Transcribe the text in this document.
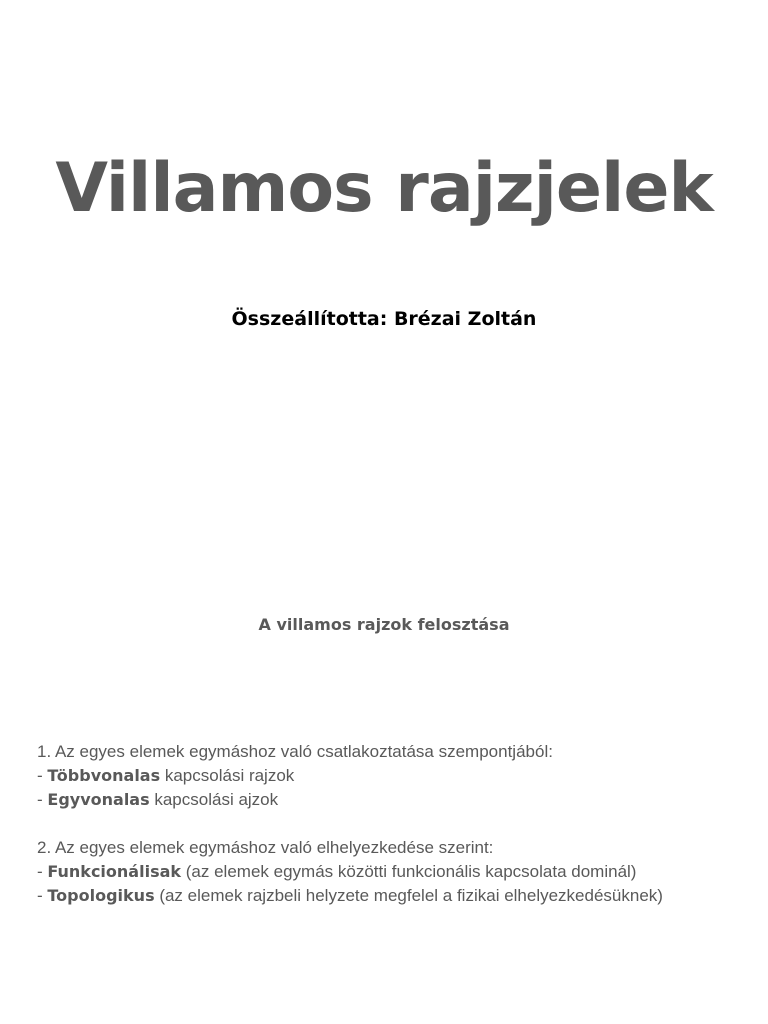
Villamos rajzjelek
Összeállította: Brézai Zoltán
A villamos rajzok felosztása
1. Az egyes elemek egymáshoz való csatlakoztatása szempontjából:
- Többvonalas kapcsolási rajzok
- Egyvonalas kapcsolási ajzok
2. Az egyes elemek egymáshoz való elhelyezkedése szerint:
- Funkcionálisak (az elemek egymás közötti funkcionális kapcsolata dominál)
- Topologikus (az elemek rajzbeli helyzete megfelel a fizikai elhelyezkedésüknek)
